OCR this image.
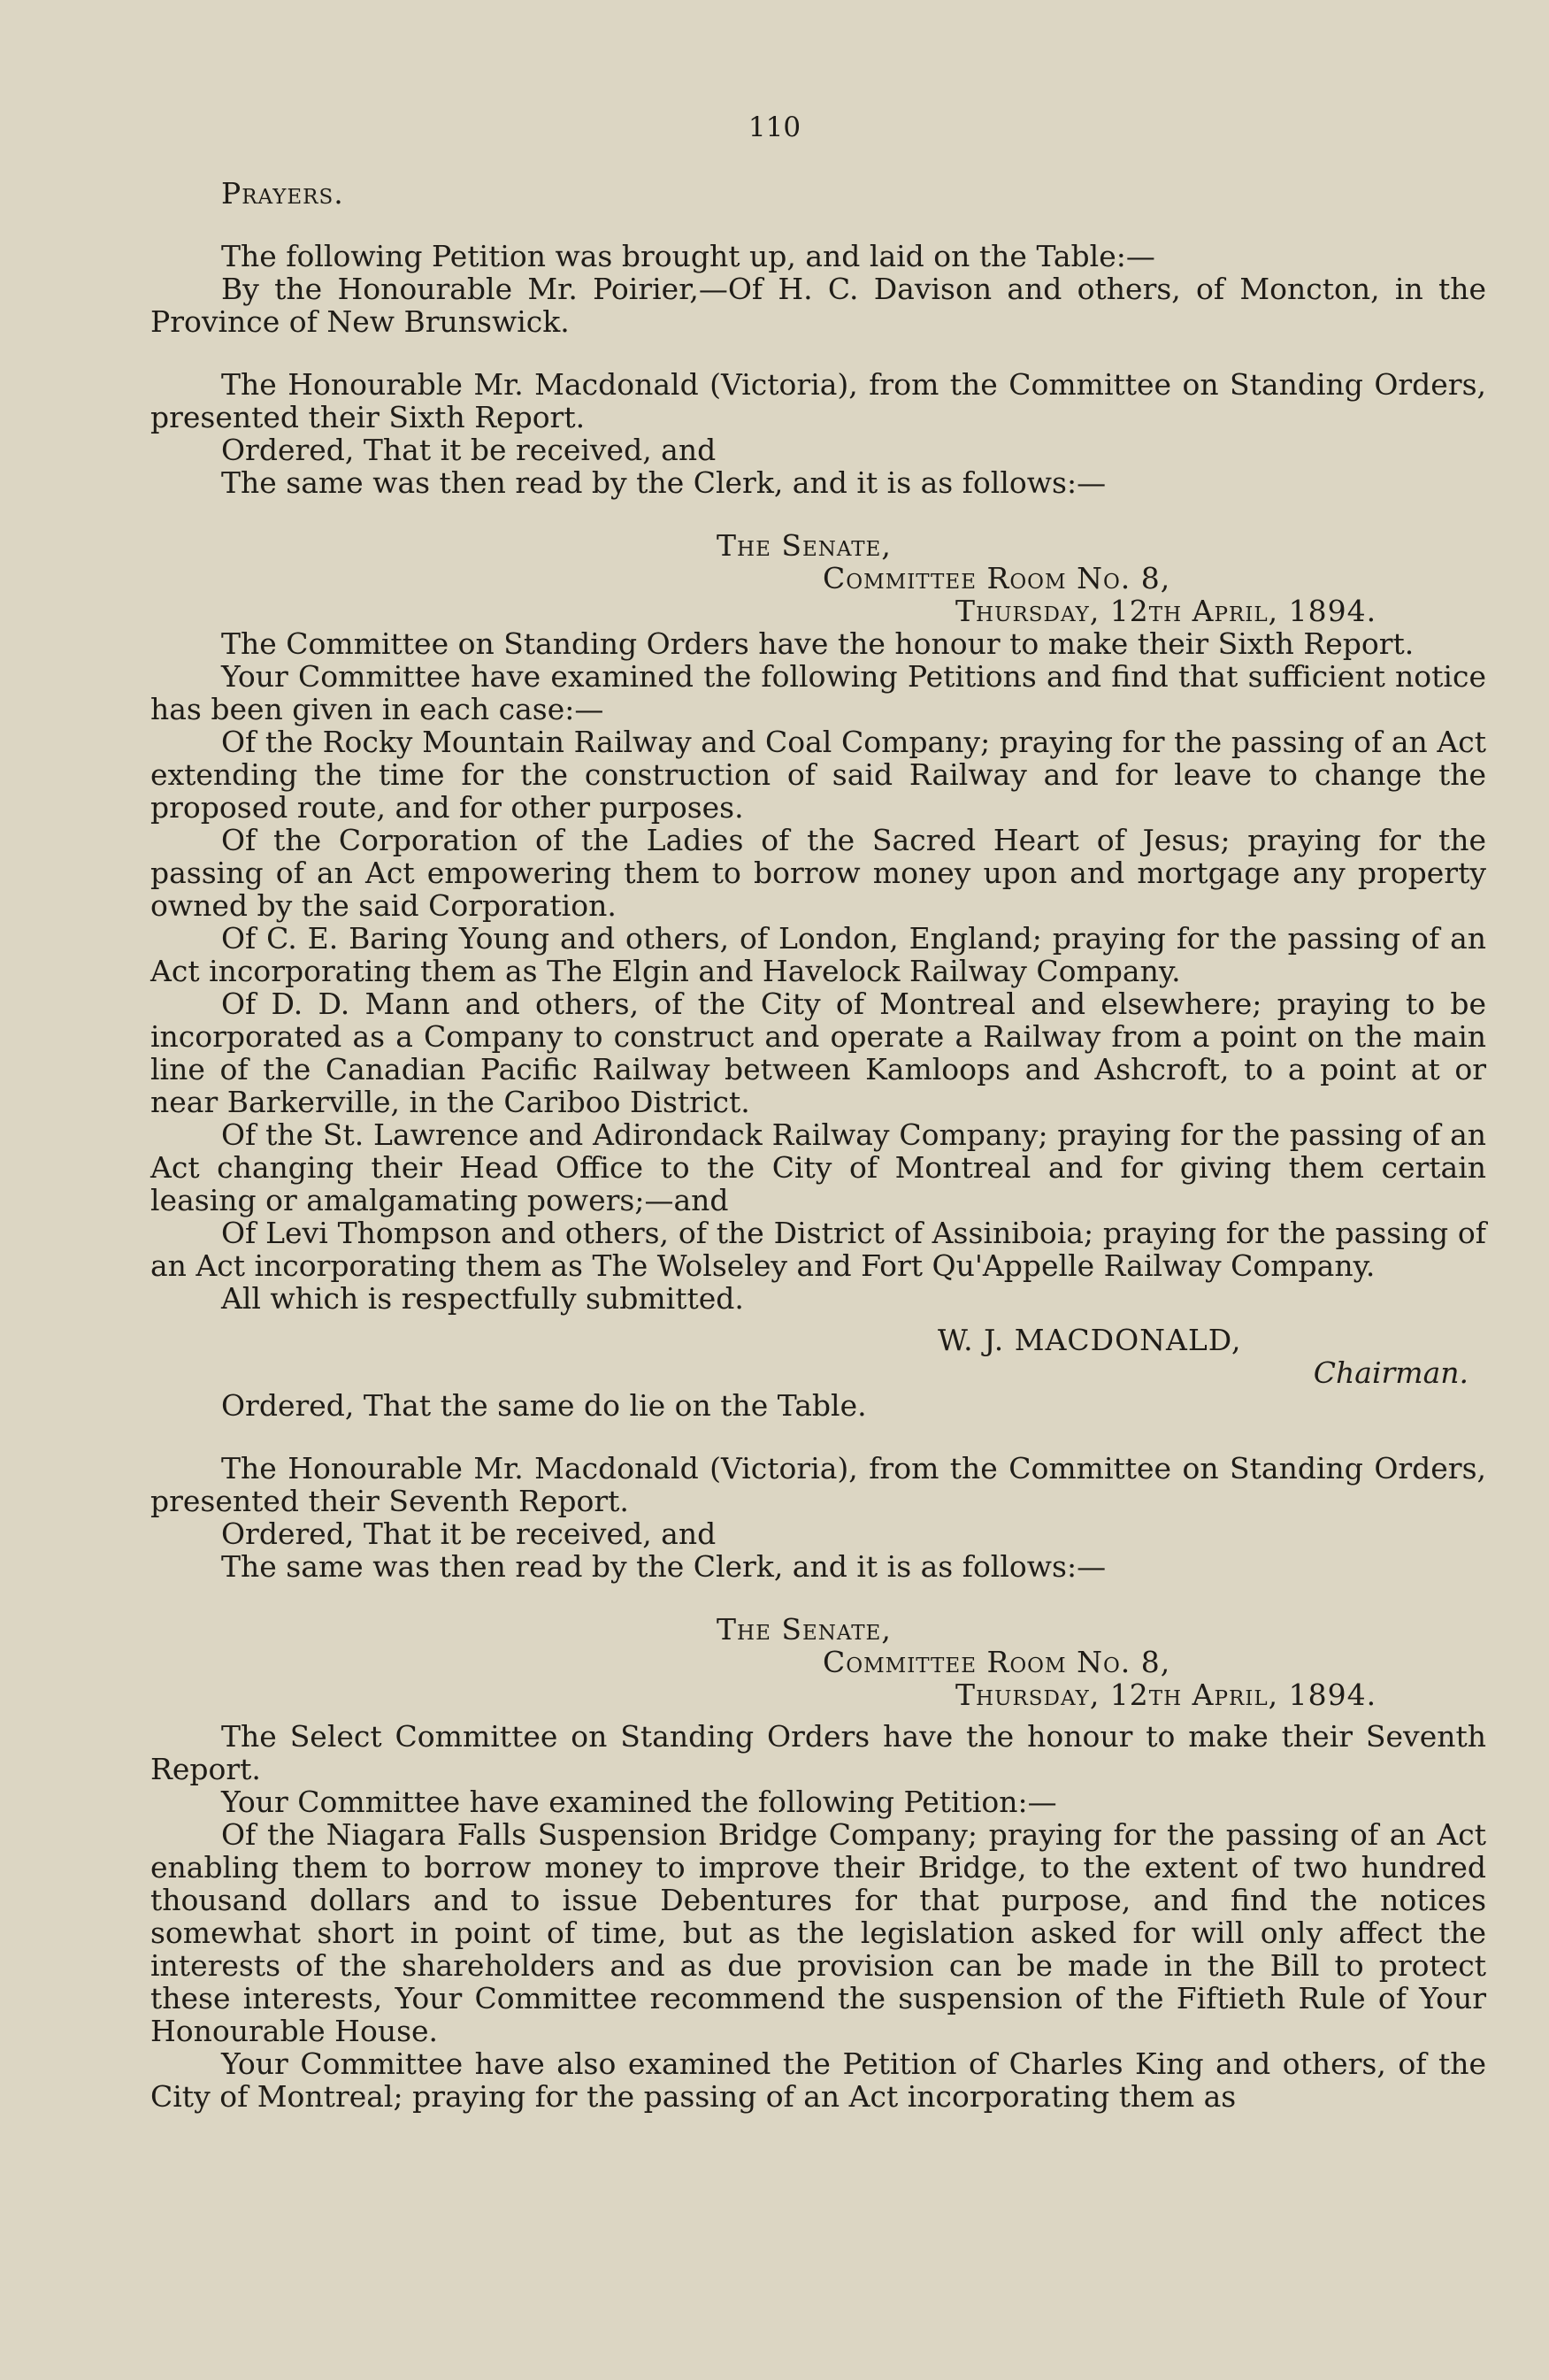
110

Prayers.

The following Petition was brought up, and laid on the Table:—

By the Honourable Mr. Poirier,—Of H. C. Davison and others, of Moncton, in the Province of New Brunswick.

The Honourable Mr. Macdonald (Victoria), from the Committee on Standing Orders, presented their Sixth Report.

Ordered, That it be received, and

The same was then read by the Clerk, and it is as follows:—

The Senate,

Committee Room No. 8,

Thursday, 12th April, 1894.

The Committee on Standing Orders have the honour to make their Sixth Report.

Your Committee have examined the following Petitions and find that sufficient notice has been given in each case:—

Of the Rocky Mountain Railway and Coal Company; praying for the passing of an Act extending the time for the construction of said Railway and for leave to change the proposed route, and for other purposes.

Of the Corporation of the Ladies of the Sacred Heart of Jesus; praying for the passing of an Act empowering them to borrow money upon and mortgage any property owned by the said Corporation.

Of C. E. Baring Young and others, of London, England; praying for the passing of an Act incorporating them as The Elgin and Havelock Railway Company.

Of D. D. Mann and others, of the City of Montreal and elsewhere; praying to be incorporated as a Company to construct and operate a Railway from a point on the main line of the Canadian Pacific Railway between Kamloops and Ashcroft, to a point at or near Barkerville, in the Cariboo District.

Of the St. Lawrence and Adirondack Railway Company; praying for the passing of an Act changing their Head Office to the City of Montreal and for giving them certain leasing or amalgamating powers;—and

Of Levi Thompson and others, of the District of Assiniboia; praying for the passing of an Act incorporating them as The Wolseley and Fort Qu'Appelle Railway Company.

All which is respectfully submitted.

W. J. MACDONALD,

Chairman.

Ordered, That the same do lie on the Table.

The Honourable Mr. Macdonald (Victoria), from the Committee on Standing Orders, presented their Seventh Report.

Ordered, That it be received, and

The same was then read by the Clerk, and it is as follows:—

The Senate,

Committee Room No. 8,

Thursday, 12th April, 1894.

The Select Committee on Standing Orders have the honour to make their Seventh Report.

Your Committee have examined the following Petition:—

Of the Niagara Falls Suspension Bridge Company; praying for the passing of an Act enabling them to borrow money to improve their Bridge, to the extent of two hundred thousand dollars and to issue Debentures for that purpose, and find the notices somewhat short in point of time, but as the legislation asked for will only affect the interests of the shareholders and as due provision can be made in the Bill to protect these interests, Your Committee recommend the suspension of the Fiftieth Rule of Your Honourable House.

Your Committee have also examined the Petition of Charles King and others, of the City of Montreal; praying for the passing of an Act incorporating them as
